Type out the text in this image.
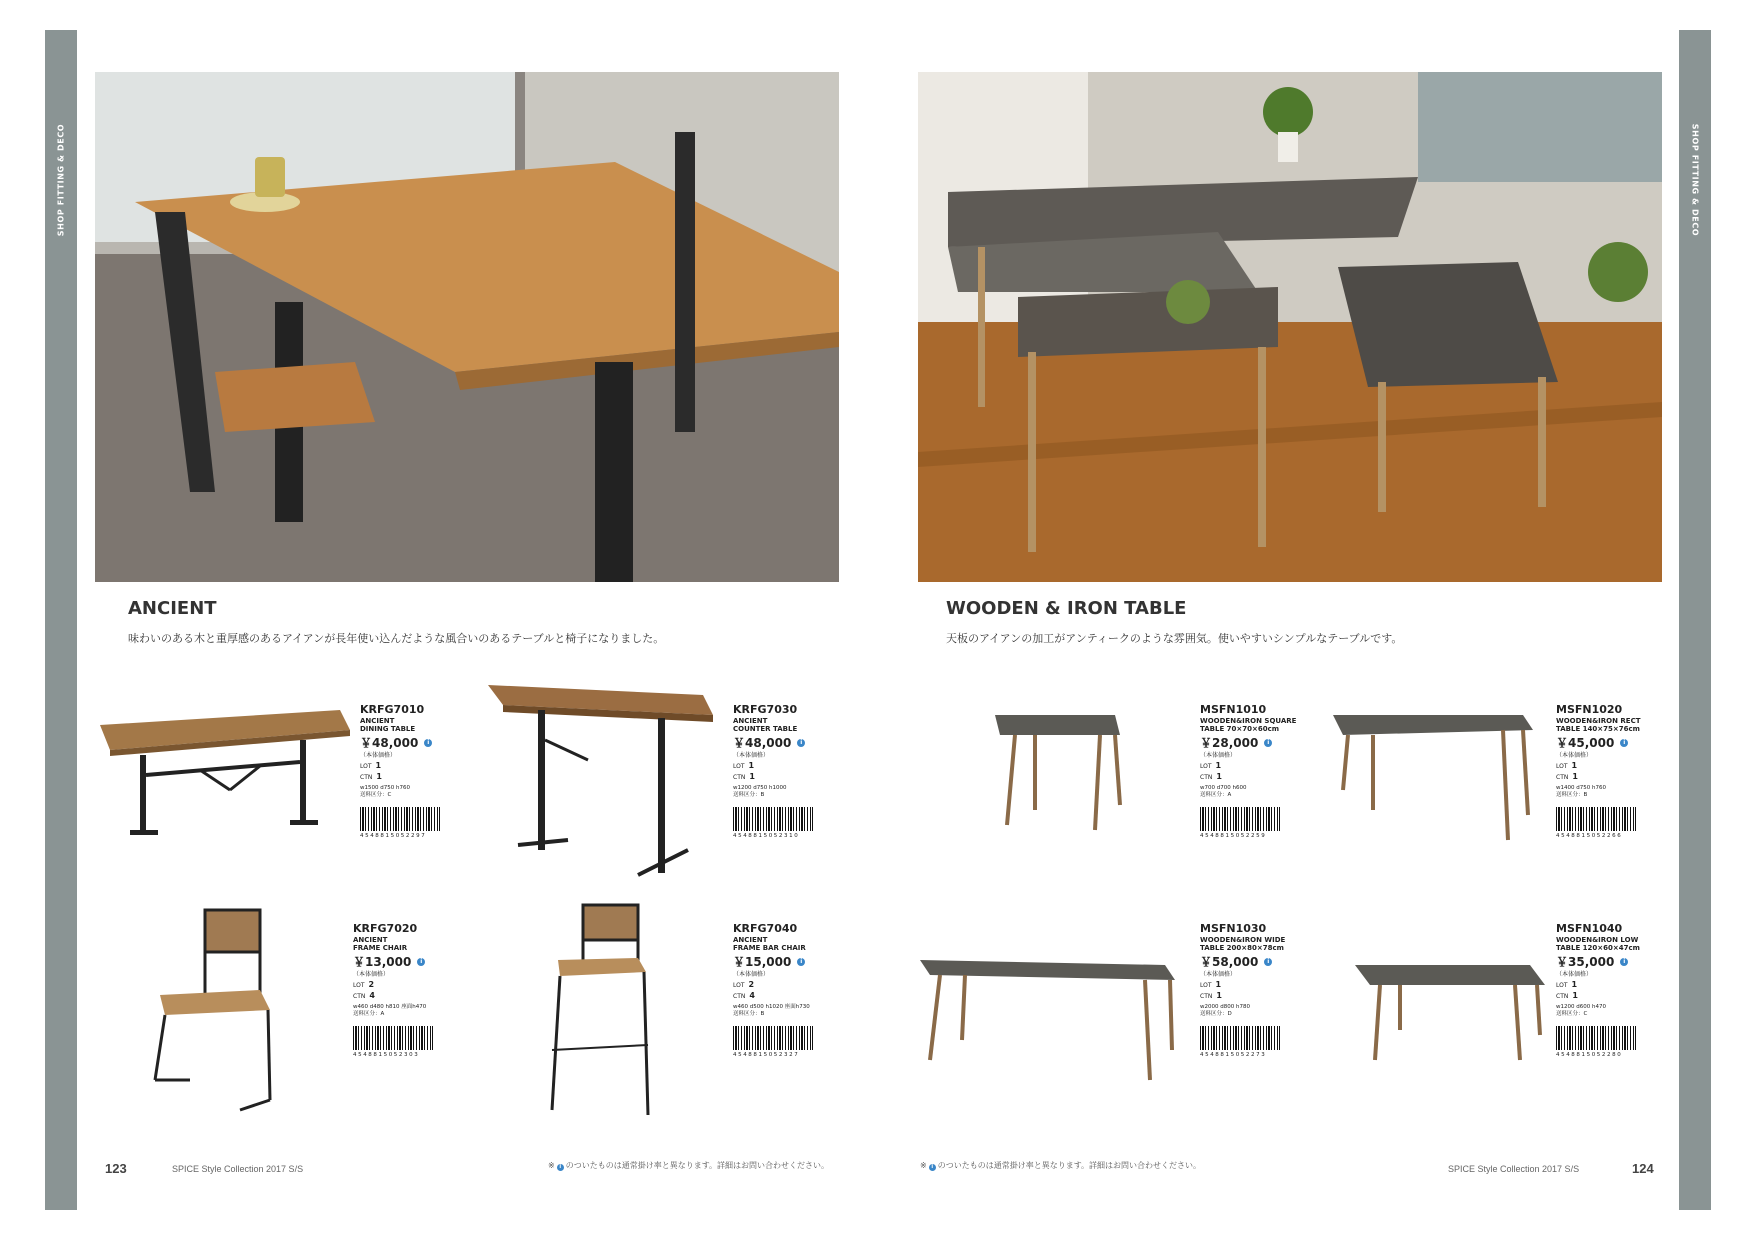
SHOP FITTING & DECO	SHOP FITTING & DECO
ANCIENT
味わいのある木と重厚感のあるアイアンが長年使い込んだような風合いのあるテーブルと椅子になりました。
WOODEN & IRON TABLE
天板のアイアンの加工がアンティークのような雰囲気。使いやすいシンプルなテーブルです。
KRFG7010
ANCIENT
DINING TABLE
￥48,000	i
（本体価格）
LOT 1
CTN 1
w1500 d750 h760
送料区分：C
4548815052297
KRFG7030
ANCIENT
COUNTER TABLE
￥48,000	i
（本体価格）
LOT 1
CTN 1
w1200 d750 h1000
送料区分：B
4548815052310
KRFG7020
ANCIENT
FRAME CHAIR
￥13,000	i
（本体価格）
LOT 2
CTN 4
w460 d480 h810 座面h470
送料区分：A
4548815052303
KRFG7040
ANCIENT
FRAME BAR CHAIR
￥15,000	i
（本体価格）
LOT 2
CTN 4
w460 d500 h1020 座面h730
送料区分：B
4548815052327
MSFN1010
WOODEN&IRON SQUARE
TABLE 70×70×60cm
￥28,000	i
（本体価格）
LOT 1
CTN 1
w700 d700 h600
送料区分：A
4548815052259
MSFN1020
WOODEN&IRON RECT
TABLE 140×75×76cm
￥45,000	i
（本体価格）
LOT 1
CTN 1
w1400 d750 h760
送料区分：B
4548815052266
MSFN1030
WOODEN&IRON WIDE
TABLE 200×80×78cm
￥58,000	i
（本体価格）
LOT 1
CTN 1
w2000 d800 h780
送料区分：D
4548815052273
MSFN1040
WOODEN&IRON LOW
TABLE 120×60×47cm
￥35,000	i
（本体価格）
LOT 1
CTN 1
w1200 d600 h470
送料区分：C
4548815052280
123	SPICE Style Collection 2017 S/S	※ i のついたものは通常掛け率と異なります。詳細はお問い合わせください。	※ i のついたものは通常掛け率と異なります。詳細はお問い合わせください。	SPICE Style Collection 2017 S/S	124
